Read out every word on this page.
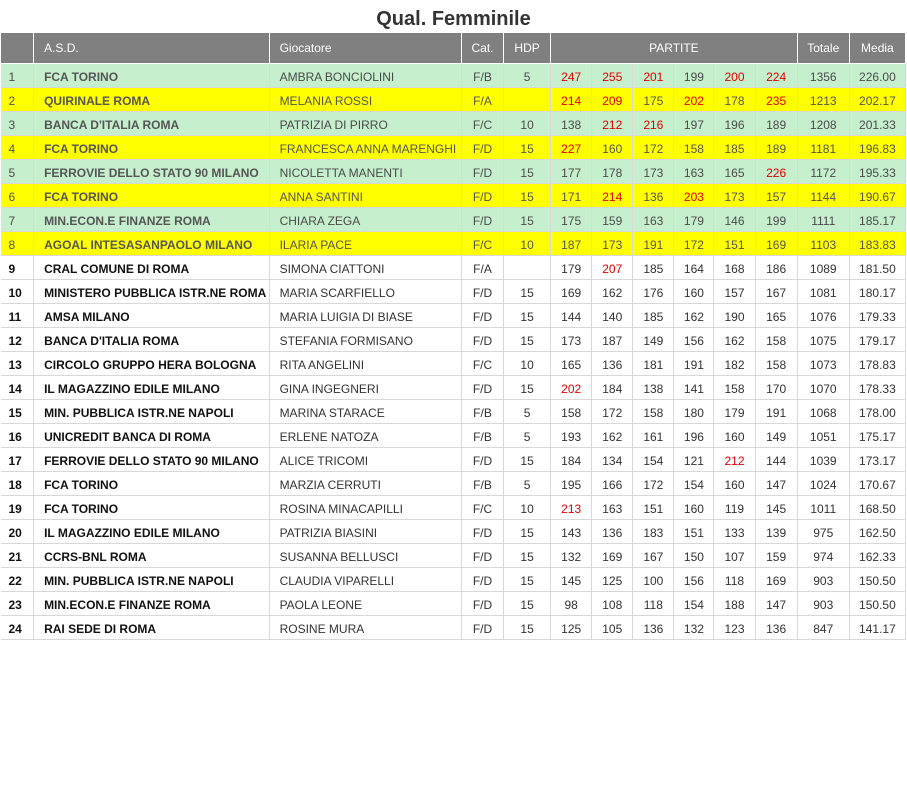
Qual. Femminile
	A.S.D.	Giocatore	Cat.	HDP	PARTITE						Totale	Media
1	FCA TORINO	AMBRA BONCIOLINI	F/B	5	247	255	201	199	200	224	1356	226.00
2	QUIRINALE ROMA	MELANIA ROSSI	F/A		214	209	175	202	178	235	1213	202.17
3	BANCA D'ITALIA ROMA	PATRIZIA DI PIRRO	F/C	10	138	212	216	197	196	189	1208	201.33
4	FCA TORINO	FRANCESCA ANNA MARENGHI	F/D	15	227	160	172	158	185	189	1181	196.83
5	FERROVIE DELLO STATO 90 MILANO	NICOLETTA MANENTI	F/D	15	177	178	173	163	165	226	1172	195.33
6	FCA TORINO	ANNA SANTINI	F/D	15	171	214	136	203	173	157	1144	190.67
7	MIN.ECON.E FINANZE ROMA	CHIARA ZEGA	F/D	15	175	159	163	179	146	199	1111	185.17
8	AGOAL INTESASANPAOLO MILANO	ILARIA PACE	F/C	10	187	173	191	172	151	169	1103	183.83
9	CRAL COMUNE DI ROMA	SIMONA CIATTONI	F/A		179	207	185	164	168	186	1089	181.50
10	MINISTERO PUBBLICA ISTR.NE ROMA	MARIA SCARFIELLO	F/D	15	169	162	176	160	157	167	1081	180.17
11	AMSA MILANO	MARIA LUIGIA DI BIASE	F/D	15	144	140	185	162	190	165	1076	179.33
12	BANCA D'ITALIA ROMA	STEFANIA FORMISANO	F/D	15	173	187	149	156	162	158	1075	179.17
13	CIRCOLO GRUPPO HERA BOLOGNA	RITA ANGELINI	F/C	10	165	136	181	191	182	158	1073	178.83
14	IL MAGAZZINO EDILE MILANO	GINA INGEGNERI	F/D	15	202	184	138	141	158	170	1070	178.33
15	MIN. PUBBLICA ISTR.NE NAPOLI	MARINA STARACE	F/B	5	158	172	158	180	179	191	1068	178.00
16	UNICREDIT BANCA DI ROMA	ERLENE NATOZA	F/B	5	193	162	161	196	160	149	1051	175.17
17	FERROVIE DELLO STATO 90 MILANO	ALICE TRICOMI	F/D	15	184	134	154	121	212	144	1039	173.17
18	FCA TORINO	MARZIA CERRUTI	F/B	5	195	166	172	154	160	147	1024	170.67
19	FCA TORINO	ROSINA MINACAPILLI	F/C	10	213	163	151	160	119	145	1011	168.50
20	IL MAGAZZINO EDILE MILANO	PATRIZIA BIASINI	F/D	15	143	136	183	151	133	139	975	162.50
21	CCRS-BNL ROMA	SUSANNA BELLUSCI	F/D	15	132	169	167	150	107	159	974	162.33
22	MIN. PUBBLICA ISTR.NE NAPOLI	CLAUDIA VIPARELLI	F/D	15	145	125	100	156	118	169	903	150.50
23	MIN.ECON.E FINANZE ROMA	PAOLA LEONE	F/D	15	98	108	118	154	188	147	903	150.50
24	RAI SEDE DI ROMA	ROSINE MURA	F/D	15	125	105	136	132	123	136	847	141.17
